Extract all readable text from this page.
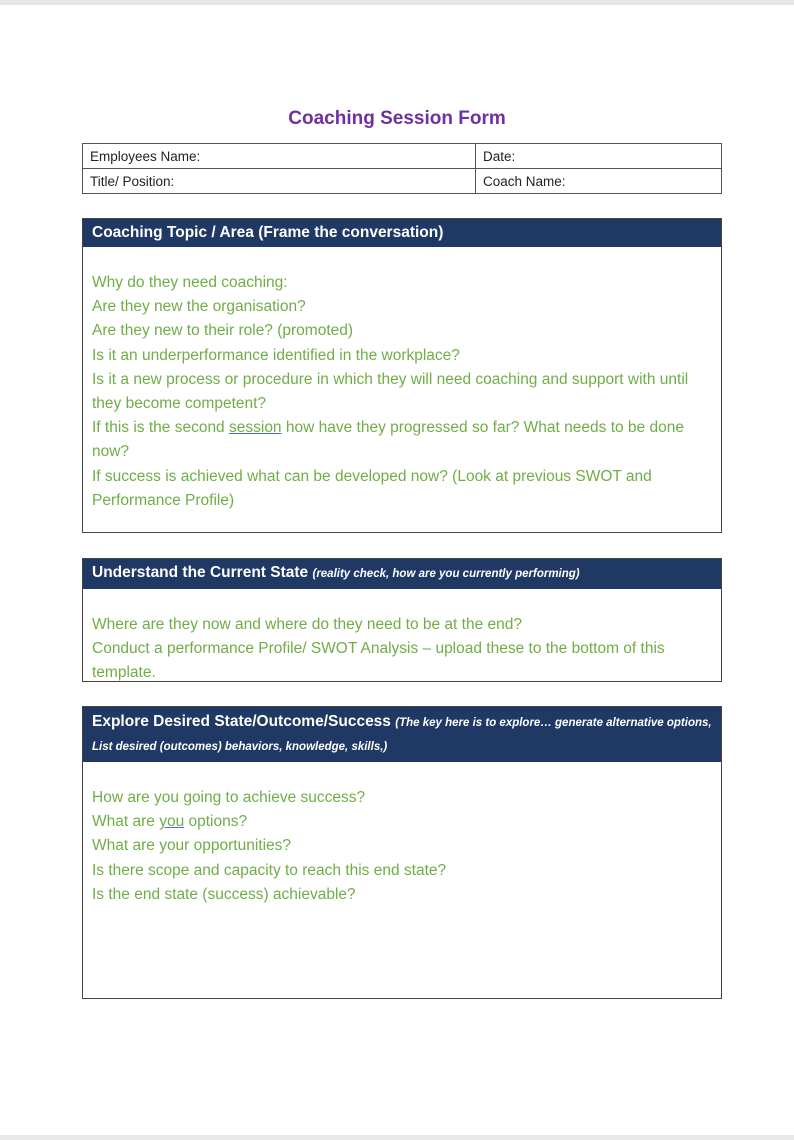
Coaching Session Form
Employees Name:	Date:
Title/ Position:	Coach Name:
Coaching Topic / Area (Frame the conversation)

Why do they need coaching:

Are they new the organisation?

Are they new to their role? (promoted)

Is it an underperformance identified in the workplace?

Is it a new process or procedure in which they will need coaching and support with until they become competent?

If this is the second session how have they progressed so far? What needs to be done now?

If success is achieved what can be developed now? (Look at previous SWOT and Performance Profile)

Understand the Current State (reality check, how are you currently performing)

Where are they now and where do they need to be at the end?

Conduct a performance Profile/ SWOT Analysis – upload these to the bottom of this template.

Explore Desired State/Outcome/Success (The key here is to explore… generate alternative options, List desired (outcomes) behaviors, knowledge, skills,)

How are you going to achieve success?

What are you options?

What are your opportunities?

Is there scope and capacity to reach this end state?

Is the end state (success) achievable?
